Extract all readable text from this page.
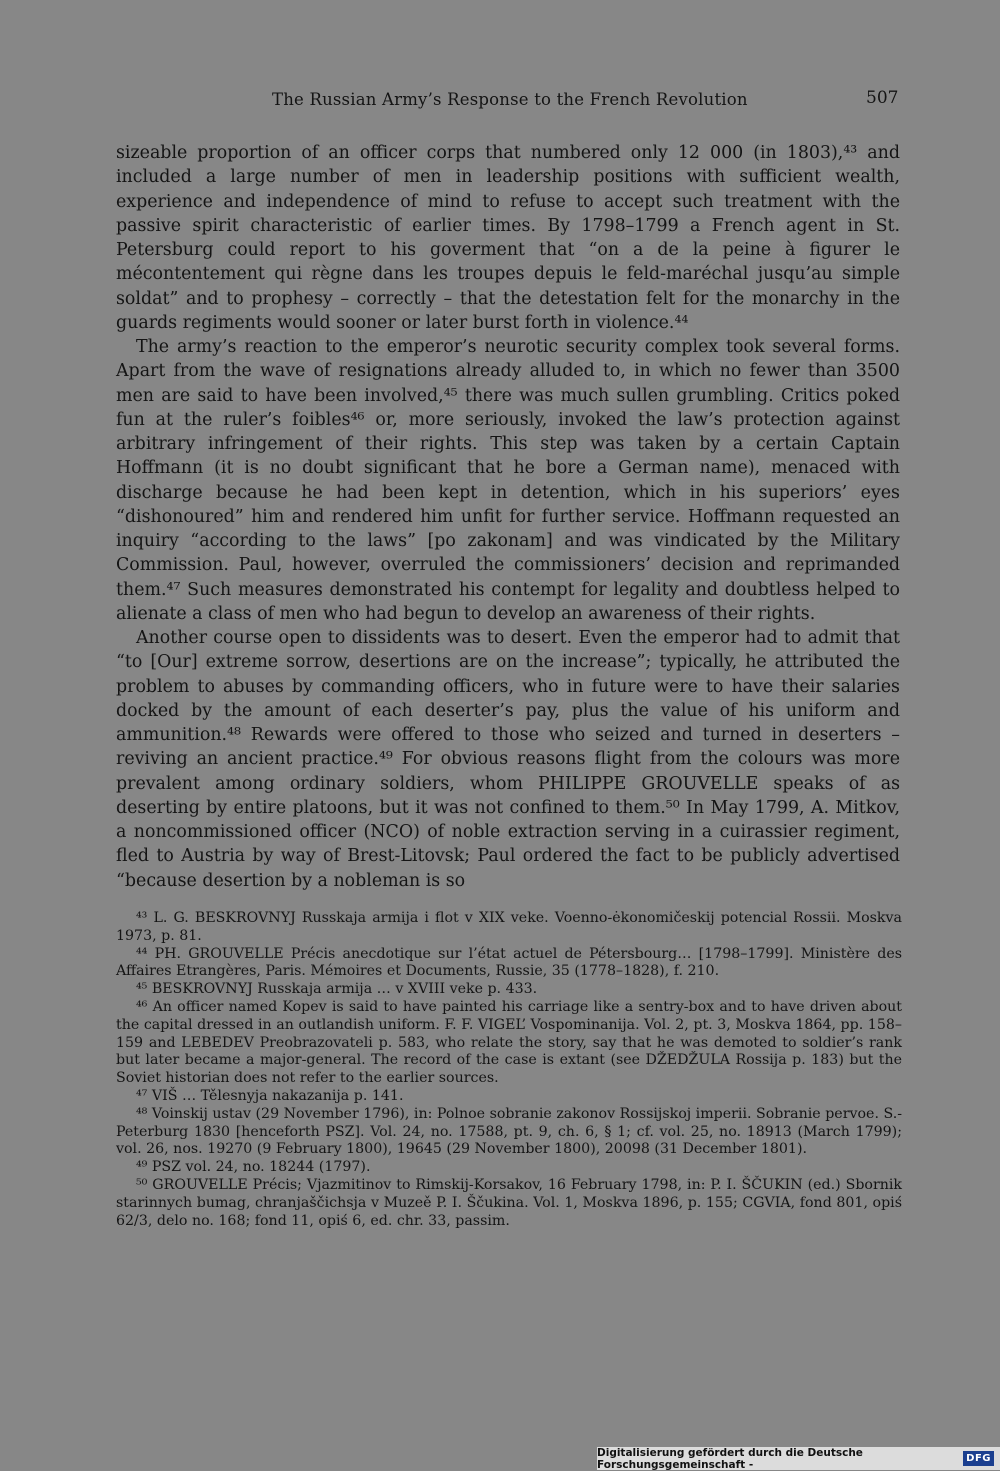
The Russian Army’s Response to the French Revolution	507

sizeable proportion of an officer corps that numbered only 12 000 (in 1803),⁴³ and included a large number of men in leadership positions with sufficient wealth, experience and independence of mind to refuse to accept such treatment with the passive spirit characteristic of earlier times. By 1798–1799 a French agent in St. Petersburg could report to his goverment that “on a de la peine à figurer le mécontentement qui règne dans les troupes depuis le feld-maréchal jusqu’au simple soldat” and to prophesy – correctly – that the detestation felt for the monarchy in the guards regiments would sooner or later burst forth in violence.⁴⁴

The army’s reaction to the emperor’s neurotic security complex took several forms. Apart from the wave of resignations already alluded to, in which no fewer than 3500 men are said to have been involved,⁴⁵ there was much sullen grumbling. Critics poked fun at the ruler’s foibles⁴⁶ or, more seriously, invoked the law’s protection against arbitrary infringement of their rights. This step was taken by a certain Captain Hoffmann (it is no doubt significant that he bore a German name), menaced with discharge because he had been kept in detention, which in his superiors’ eyes “dishonoured” him and rendered him unfit for further service. Hoffmann requested an inquiry “according to the laws” [po zakonam] and was vindicated by the Military Commission. Paul, however, overruled the commissioners’ decision and reprimanded them.⁴⁷ Such measures demonstrated his contempt for legality and doubtless helped to alienate a class of men who had begun to develop an awareness of their rights.

Another course open to dissidents was to desert. Even the emperor had to admit that “to [Our] extreme sorrow, desertions are on the increase”; typically, he attributed the problem to abuses by commanding officers, who in future were to have their salaries docked by the amount of each deserter’s pay, plus the value of his uniform and ammunition.⁴⁸ Rewards were offered to those who seized and turned in deserters – reviving an ancient practice.⁴⁹ For obvious reasons flight from the colours was more prevalent among ordinary soldiers, whom PHILIPPE GROUVELLE speaks of as deserting by entire platoons, but it was not confined to them.⁵⁰ In May 1799, A. Mitkov, a noncommissioned officer (NCO) of noble extraction serving in a cuirassier regiment, fled to Austria by way of Brest-Litovsk; Paul ordered the fact to be publicly advertised “because desertion by a nobleman is so

⁴³ L. G. BESKROVNYJ Russkaja armija i flot v XIX veke. Voenno-ėkonomičeskij potencial Rossii. Moskva 1973, p. 81.

⁴⁴ PH. GROUVELLE Précis anecdotique sur l’état actuel de Pétersbourg… [1798–1799]. Ministère des Affaires Etrangères, Paris. Mémoires et Documents, Russie, 35 (1778–1828), f. 210.

⁴⁵ BESKROVNYJ Russkaja armija … v XVIII veke p. 433.

⁴⁶ An officer named Kopev is said to have painted his carriage like a sentry-box and to have driven about the capital dressed in an outlandish uniform. F. F. VIGEL’ Vospominanija. Vol. 2, pt. 3, Moskva 1864, pp. 158–159 and LEBEDEV Preobrazovateli p. 583, who relate the story, say that he was demoted to soldier’s rank but later became a major-general. The record of the case is extant (see DŽEDŽULA Rossija p. 183) but the Soviet historian does not refer to the earlier sources.

⁴⁷ VIŠ … Tělesnyja nakazanija p. 141.

⁴⁸ Voinskij ustav (29 November 1796), in: Polnoe sobranie zakonov Rossijskoj imperii. Sobranie pervoe. S.-Peterburg 1830 [henceforth PSZ]. Vol. 24, no. 17588, pt. 9, ch. 6, § 1; cf. vol. 25, no. 18913 (March 1799); vol. 26, nos. 19270 (9 February 1800), 19645 (29 November 1800), 20098 (31 December 1801).

⁴⁹ PSZ vol. 24, no. 18244 (1797).

⁵⁰ GROUVELLE Précis; Vjazmitinov to Rimskij-Korsakov, 16 February 1798, in: P. I. ŠČUKIN (ed.) Sbornik starinnych bumag, chranjaščichsja v Muzeě P. I. Ščukina. Vol. 1, Moskva 1896, p. 155; CGVIA, fond 801, opiś 62/3, delo no. 168; fond 11, opiś 6, ed. chr. 33, passim.

Digitalisierung gefördert durch die Deutsche Forschungsgemeinschaft -	DFG
